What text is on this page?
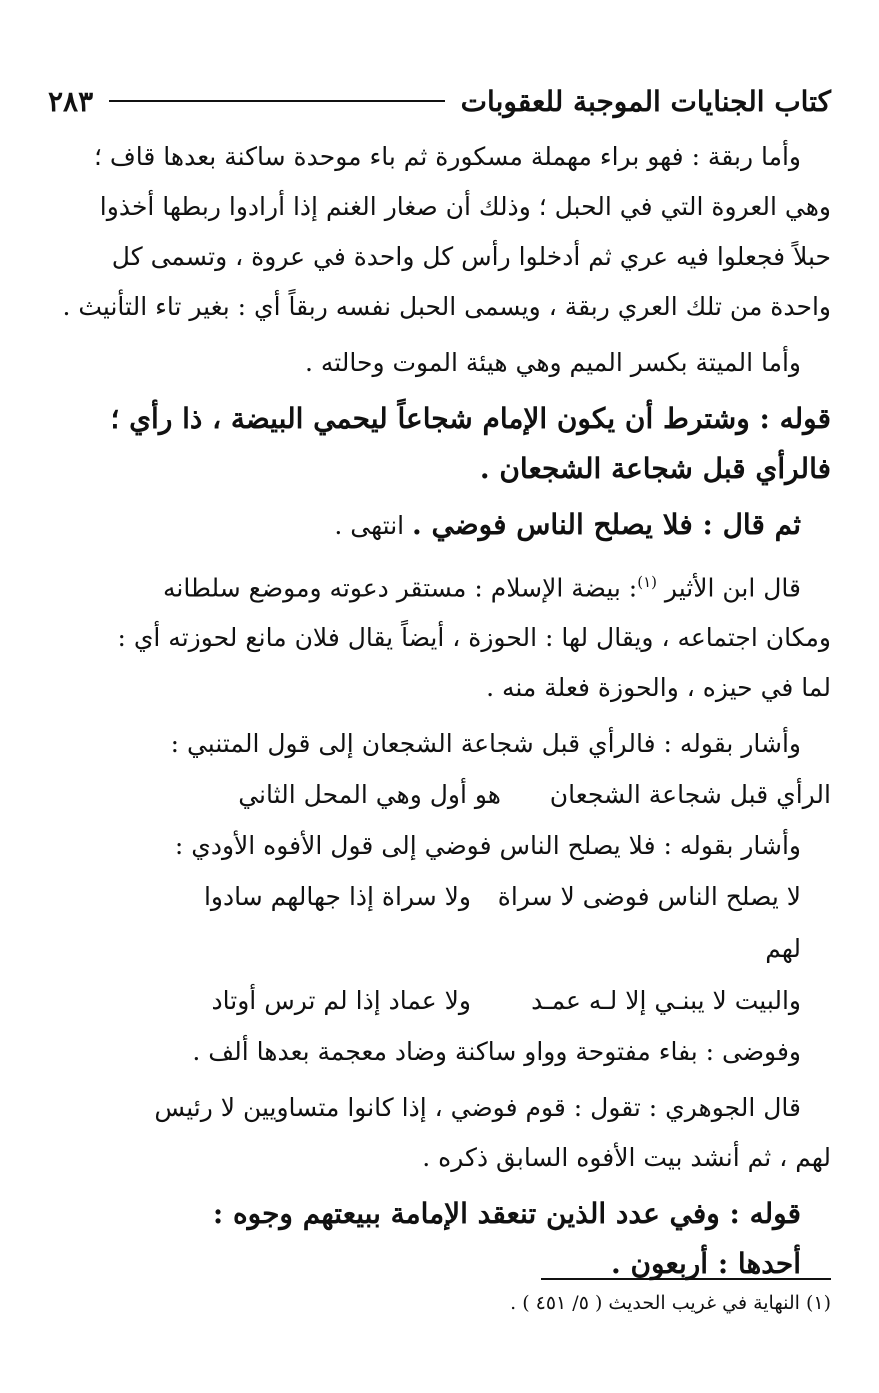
كتاب الجنايات الموجبة للعقوبات
٢٨٣

وأما ربقة : فهو براء مهملة مسكورة ثم باء موحدة ساكنة بعدها قاف ؛

وهي العروة التي في الحبل ؛ وذلك أن صغار الغنم إذا أرادوا ربطها أخذوا

حبلاً فجعلوا فيه عري ثم أدخلوا رأس كل واحدة في عروة ، وتسمى كل

واحدة من تلك العري ربقة ، ويسمى الحبل نفسه ربقاً أي : بغير تاء التأنيث .

وأما الميتة بكسر الميم وهي هيئة الموت وحالته .

قوله : وشترط أن يكون الإمام شجاعاً ليحمي البيضة ، ذا رأي ؛

فالرأي قبل شجاعة الشجعان .

ثم قال : فلا يصلح الناس فوضي . انتهى .

قال ابن الأثير $^{(١)}$: بيضة الإسلام : مستقر دعوته وموضع سلطانه

ومكان اجتماعه ، ويقال لها : الحوزة ، أيضاً يقال فلان مانع لحوزته أي :

لما في حيزه ، والحوزة فعلة منه .

وأشار بقوله : فالرأي قبل شجاعة الشجعان إلى قول المتنبي :

الرأي قبل شجاعة الشجعان
هو أول وهي المحل الثاني

وأشار بقوله : فلا يصلح الناس فوضي إلى قول الأفوه الأودي :

لا يصلح الناس فوضى لا سراة لهم
ولا سراة إذا جهالهم سادوا
والبيت لا يبنـي إلا لـه عمـد
ولا عماد إذا لم ترس أوتاد

وفوضى : بفاء مفتوحة وواو ساكنة وضاد معجمة بعدها ألف .

قال الجوهري : تقول : قوم فوضي ، إذا كانوا متساويين لا رئيس

لهم ، ثم أنشد بيت الأفوه السابق ذكره .

قوله : وفي عدد الذين تنعقد الإمامة ببيعتهم وجوه :

أحدها : أربعون .

(١) النهاية في غريب الحديث ( ٥/ ٤٥١ ) .
